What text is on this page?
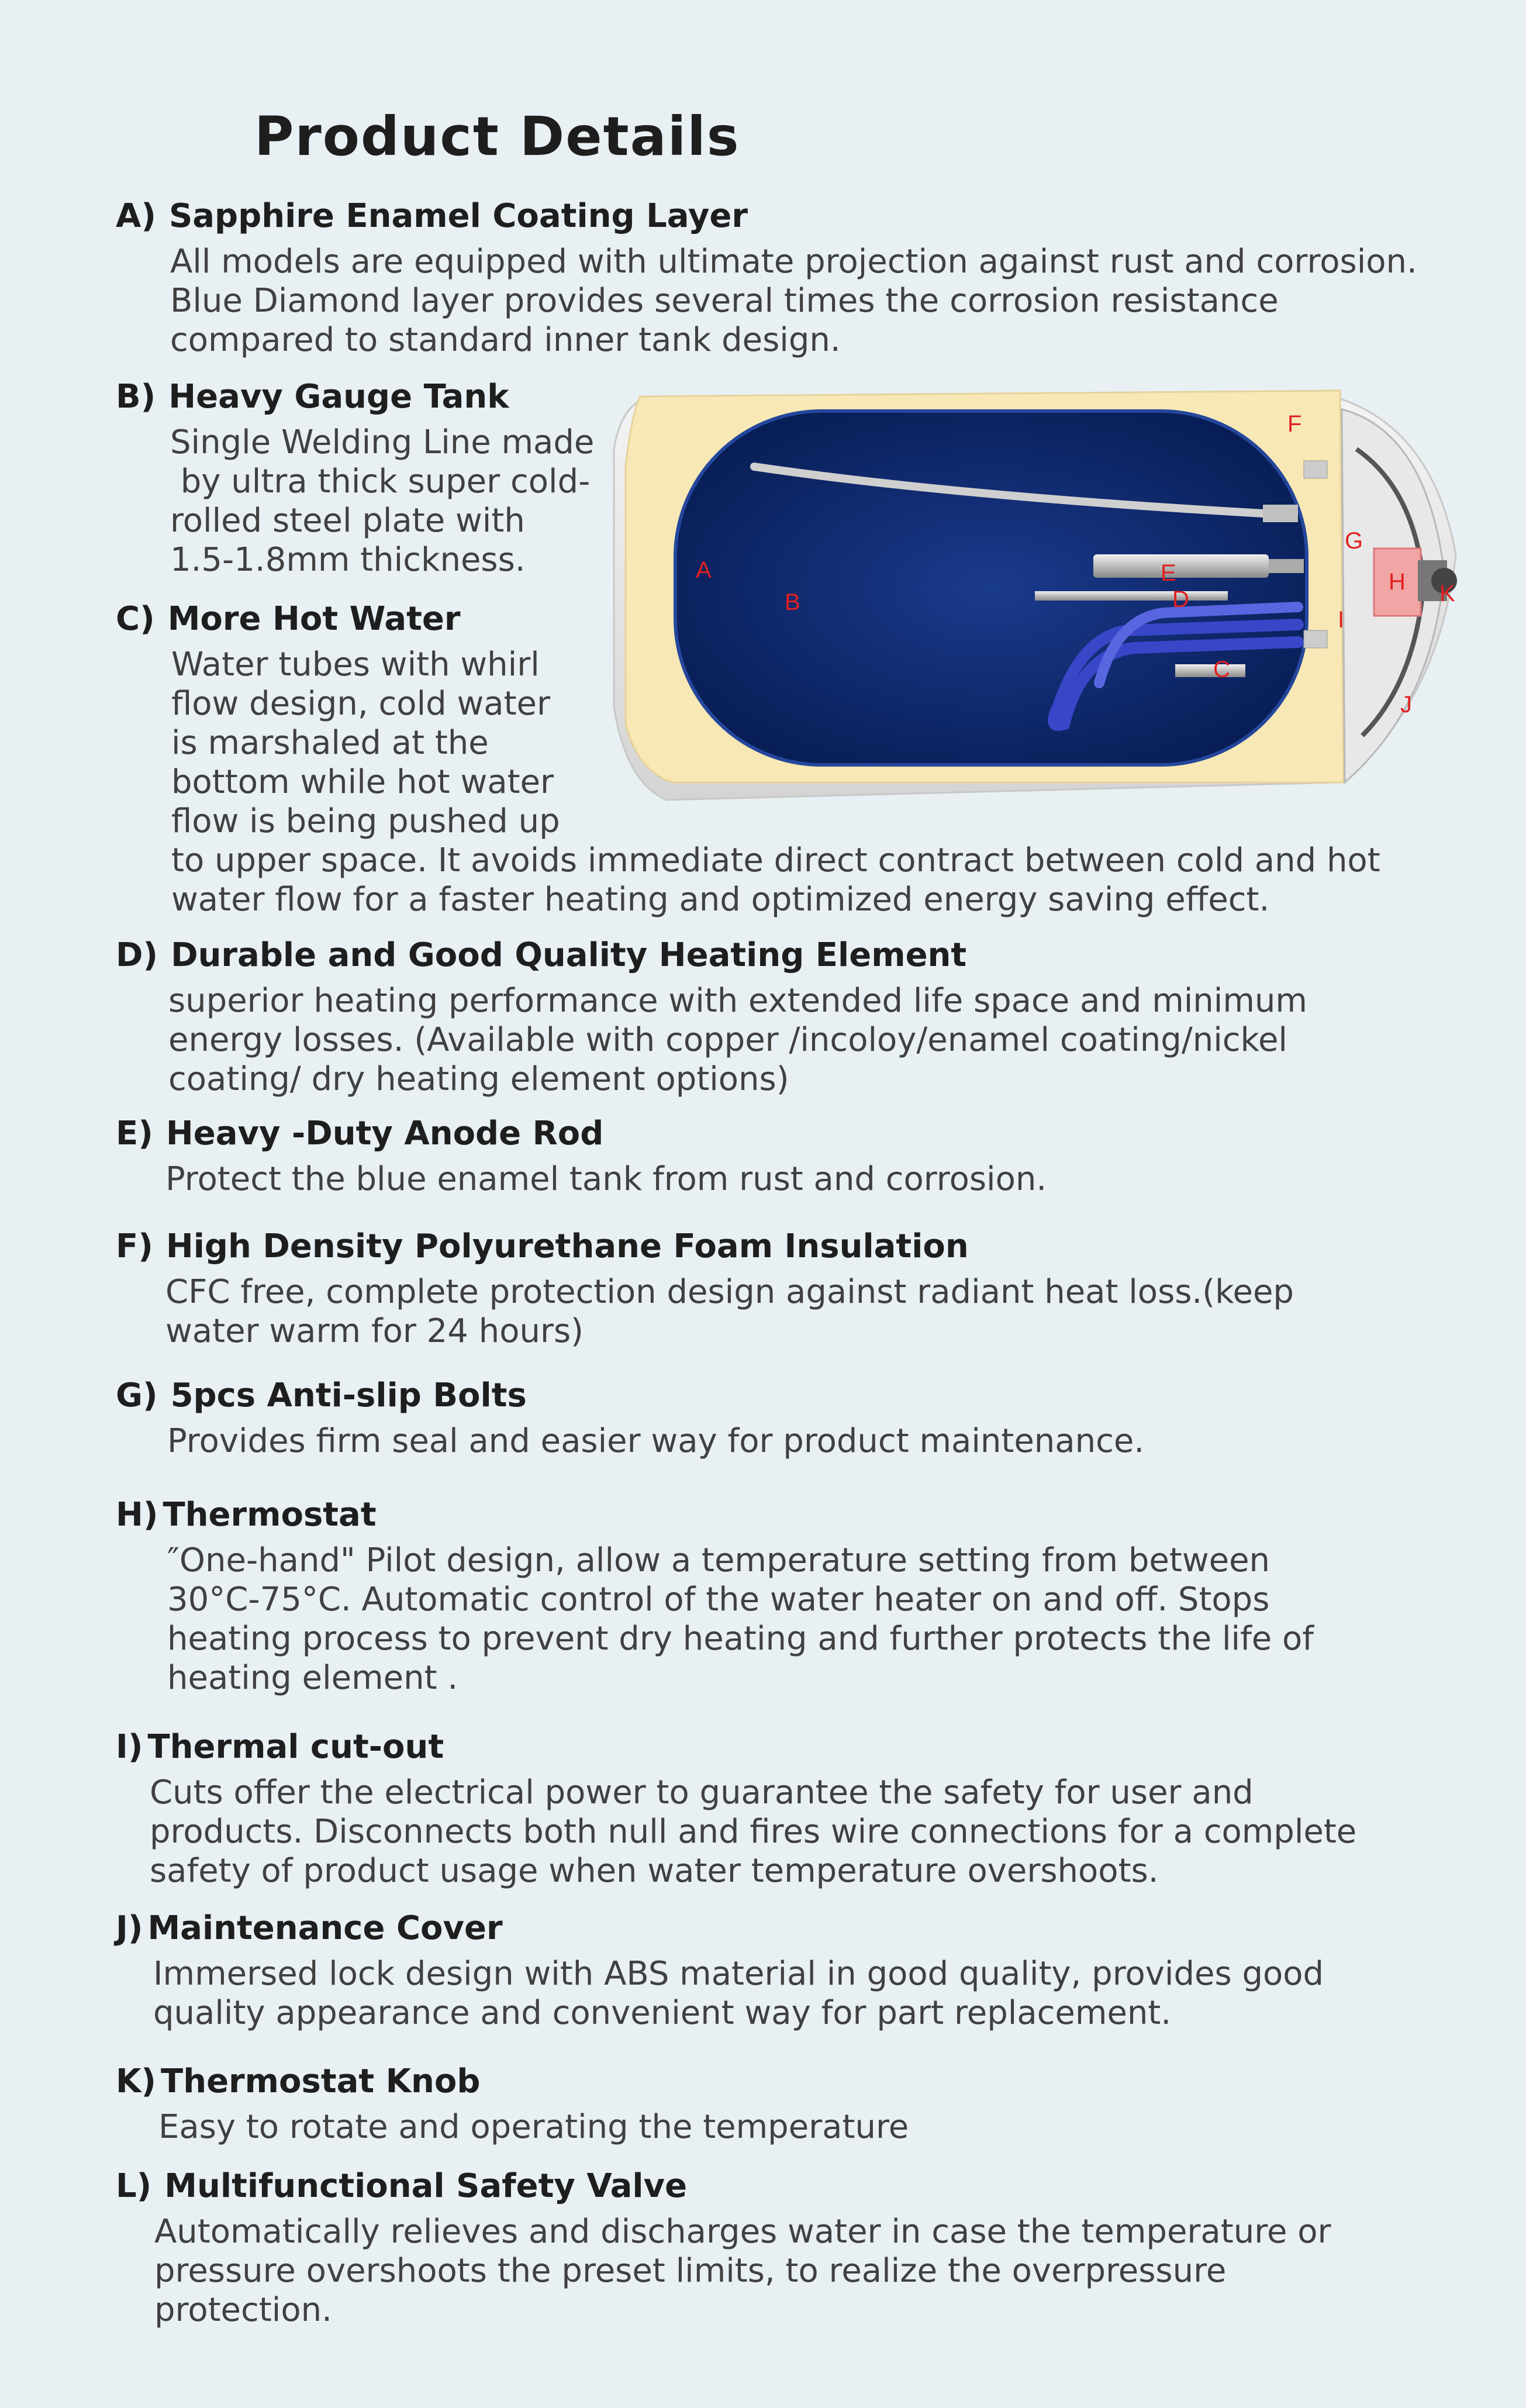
Product Details
A) Sapphire Enamel Coating Layer
All models are equipped with ultimate projection against rust and corrosion.
Blue Diamond layer provides several times the corrosion resistance
compared to standard inner tank design.
B) Heavy Gauge Tank
Single Welding Line made
by ultra thick super cold-
rolled steel plate with
1.5-1.8mm thickness.
C) More Hot Water
Water tubes with whirl
flow design, cold water
is marshaled at the
bottom while hot water
flow is being pushed up
to upper space. It avoids immediate direct contract between cold and hot
water flow for a faster heating and optimized energy saving effect.
D) Durable and Good Quality Heating Element
superior heating performance with extended life space and minimum
energy losses. (Available with copper /incoloy/enamel coating/nickel
coating/ dry heating element options)
E) Heavy -Duty Anode Rod
Protect the blue enamel tank from rust and corrosion.
F) High Density Polyurethane Foam Insulation
CFC free, complete protection design against radiant heat loss.(keep
water warm for 24 hours)
G) 5pcs Anti-slip Bolts
Provides firm seal and easier way for product maintenance.
H) Thermostat
″One-hand" Pilot design, allow a temperature setting from between
30°C-75°C. Automatic control of the water heater on and off. Stops
heating process to prevent dry heating and further protects the life of
heating element .
I) Thermal cut-out
Cuts offer the electrical power to guarantee the safety for user and
products. Disconnects both null and fires wire connections for a complete
safety of product usage when water temperature overshoots.
J) Maintenance Cover
Immersed lock design with ABS material in good quality, provides good
quality appearance and convenient way for part replacement.
K) Thermostat Knob
Easy to rotate and operating the temperature
L) Multifunctional Safety Valve
Automatically relieves and discharges water in case the temperature or
pressure overshoots the preset limits, to realize the overpressure
protection.
A
B
C
D
E
F
G
H
I
J
K
